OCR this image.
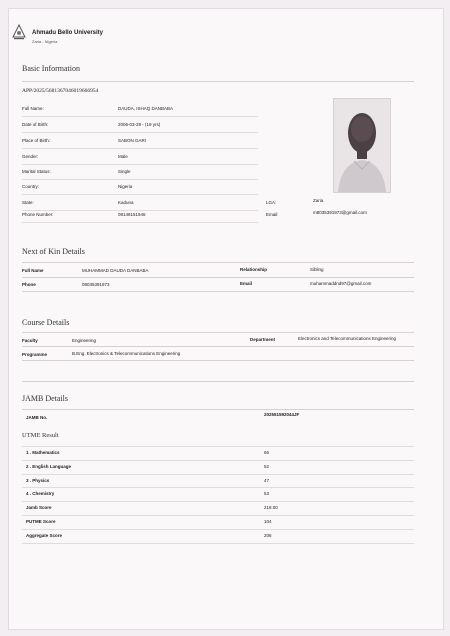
Ahmadu Bello University
Zaria - Nigeria
Basic Information
APP/2025/5681367046019666954
Full Name:	DAUDA, ISHAQ DANBABA
Date of Birth:	2006-03-29 - (19 yrs)
Place of Birth:	SABON GARI
Gender:	Male
Marital Status:	Single
Country:	Nigeria
State:	Kaduna
Phone Number:	08148151946
LGA:	Zaria
Email:	m8035391973@gmail.com
Next of Kin Details
Full Name	MUHAMMAD DAUDA DANBABA	Relationship	Sibling
Phone	08035391973	Email	muhammaddnd97@gmail.com
Course Details
Faculty	Engineering	Department	Electronics and Telecommunications Engineering
Programme	B.Eng. Electronics & Telecommunications Engineering
JAMB Details
JAMB No.
202551592044JF
UTME Result
1 . Mathematics	66
2 . English Language	52
3 . Physics	47
4 . Chemistry	53
Jamb Score	218.00
PUTME Score	104
Aggregate Score	206
